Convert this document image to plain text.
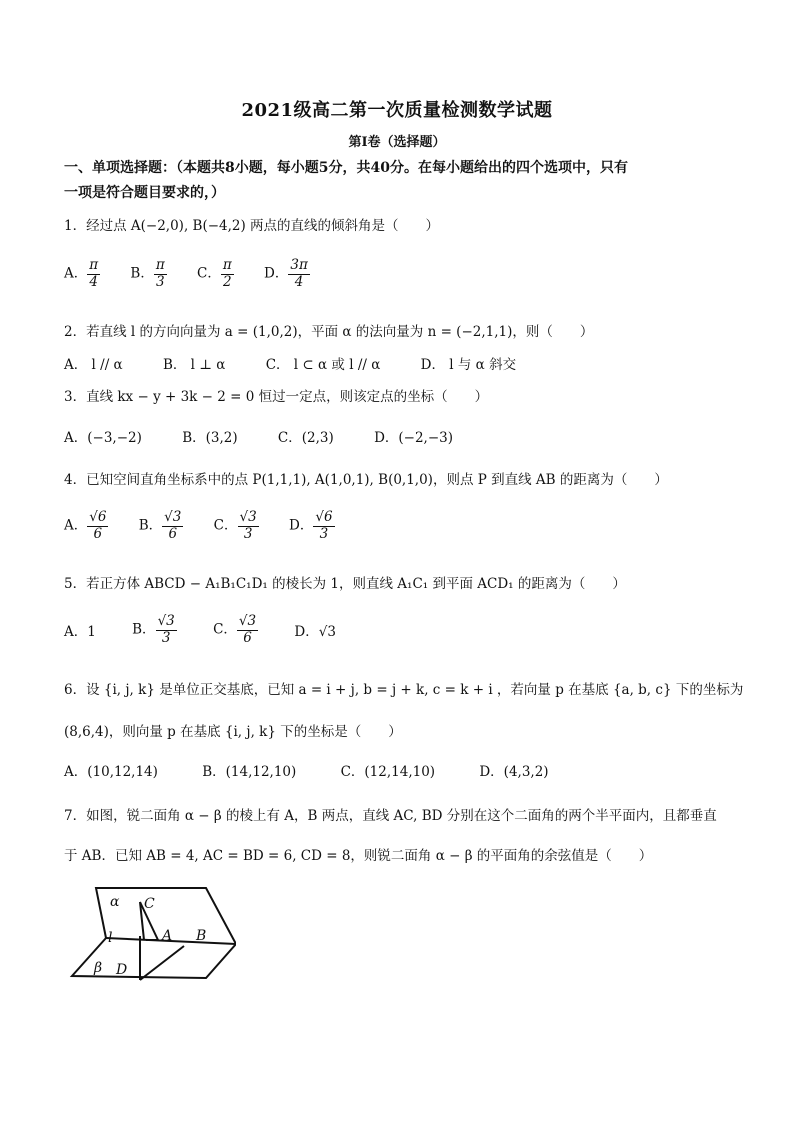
2021级高二第一次质量检测数学试题
第Ⅰ卷（选择题）
一、单项选择题：（本题共8小题，每小题5分，共40分。在每小题给出的四个选项中，只有
一项是符合题目要求的，）
1．经过点 A(−2,0), B(−4,2) 两点的直线的倾斜角是（　　）
A． $\frac{\pi}{4}$ B． $\frac{\pi}{3}$ C． $\frac{\pi}{2}$ D． $\frac{3\pi}{4}$
2．若直线 l 的方向向量为 a = (1,0,2)，平面 α 的法向量为 n = (−2,1,1)，则（　　）
A． l // α	B． l ⊥ α	C． l ⊂ α 或 l // α	D． l 与 α 斜交
3．直线 kx − y + 3k − 2 = 0 恒过一定点，则该定点的坐标（　　）
A．(−3,−2)	B．(3,2)	C．(2,3)	D．(−2,−3)
4．已知空间直角坐标系中的点 P(1,1,1), A(1,0,1), B(0,1,0)，则点 P 到直线 AB 的距离为（　　）
A． $\frac{√6}{6}$ B． $\frac{√3}{6}$ C． $\frac{√3}{3}$ D． $\frac{√6}{3}$
5．若正方体 ABCD − A₁B₁C₁D₁ 的棱长为 1，则直线 A₁C₁ 到平面 ACD₁ 的距离为（　　）
A．1	B． $\frac{√3}{3}$	C． $\frac{√3}{6}$	D．√3
6．设 {i, j, k} 是单位正交基底，已知 a = i + j, b = j + k, c = k + i ，若向量 p 在基底 {a, b, c} 下的坐标为
(8,6,4)，则向量 p 在基底 {i, j, k} 下的坐标是（　　）
A．(10,12,14)	B．(14,12,10)	C．(12,14,10)	D．(4,3,2)
7．如图，锐二面角 α − β 的棱上有 A，B 两点，直线 AC, BD 分别在这个二面角的两个半平面内，且都垂直
于 AB．已知 AB = 4, AC = BD = 6, CD = 8，则锐二面角 α − β 的平面角的余弦值是（　　）
α
β
l	A B
C
D
